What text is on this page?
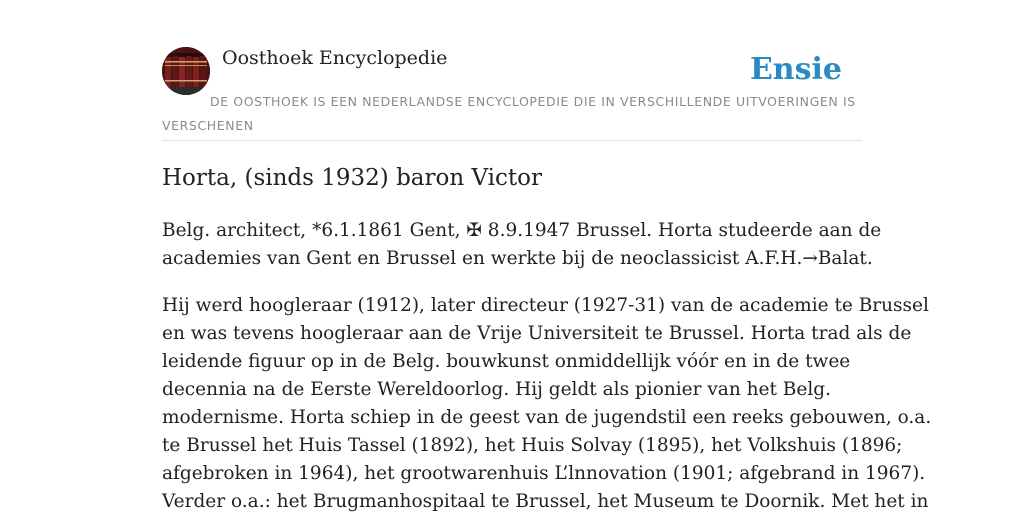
Oosthoek Encyclopedie	Ensie

DE OOSTHOEK IS EEN NEDERLANDSE ENCYCLOPEDIE DIE IN VERSCHILLENDE UITVOERINGEN IS VERSCHENEN

Horta, (sinds 1932) baron Victor

Belg. architect, *6.1.1861 Gent, ✠ 8.9.1947 Brussel. Horta studeerde aan de
academies van Gent en Brussel en werkte bij de neoclassicist A.F.H.→Balat.

Hij werd hoogleraar (1912), later directeur (1927-31) van de academie te Brussel
en was tevens hoogleraar aan de Vrije Universiteit te Brussel. Horta trad als de
leidende figuur op in de Belg. bouwkunst onmiddellijk vóór en in de twee
decennia na de Eerste Wereldoorlog. Hij geldt als pionier van het Belg.
modernisme. Horta schiep in de geest van de jugendstil een reeks gebouwen, o.a.
te Brussel het Huis Tassel (1892), het Huis Solvay (1895), het Volkshuis (1896;
afgebroken in 1964), het grootwarenhuis L’lnnovation (1901; afgebrand in 1967).
Verder o.a.: het Brugmanhospitaal te Brussel, het Museum te Doornik. Met het in
